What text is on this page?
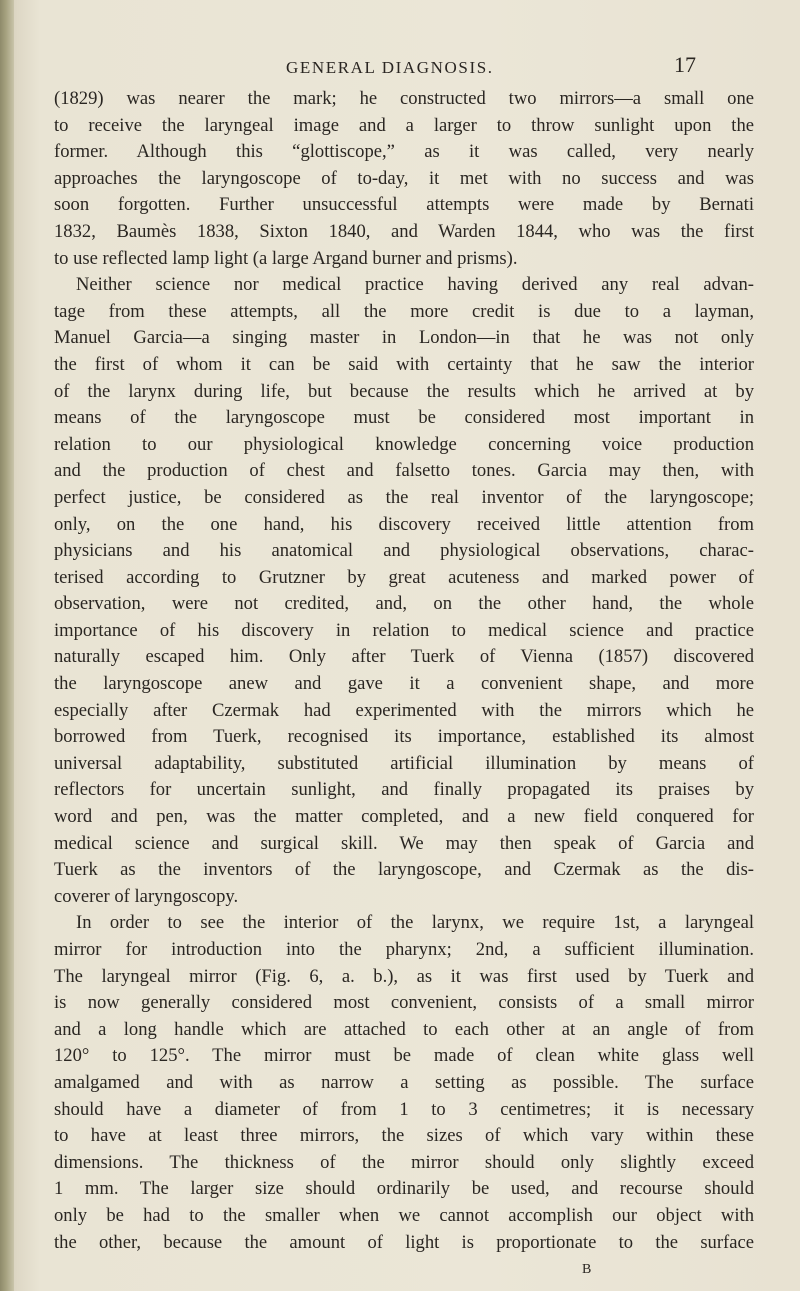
GENERAL DIAGNOSIS.	17
(1829) was nearer the mark; he constructed two mirrors—a small one
to receive the laryngeal image and a larger to throw sunlight upon the
former. Although this “glottiscope,” as it was called, very nearly
approaches the laryngoscope of to-day, it met with no success and was
soon forgotten. Further unsuccessful attempts were made by Bernati
1832, Baumès 1838, Sixton 1840, and Warden 1844, who was the first
to use reflected lamp light (a large Argand burner and prisms).
Neither science nor medical practice having derived any real advan-
tage from these attempts, all the more credit is due to a layman,
Manuel Garcia—a singing master in London—in that he was not only
the first of whom it can be said with certainty that he saw the interior
of the larynx during life, but because the results which he arrived at by
means of the laryngoscope must be considered most important in
relation to our physiological knowledge concerning voice production
and the production of chest and falsetto tones. Garcia may then, with
perfect justice, be considered as the real inventor of the laryngoscope;
only, on the one hand, his discovery received little attention from
physicians and his anatomical and physiological observations, charac-
terised according to Grutzner by great acuteness and marked power of
observation, were not credited, and, on the other hand, the whole
importance of his discovery in relation to medical science and practice
naturally escaped him. Only after Tuerk of Vienna (1857) discovered
the laryngoscope anew and gave it a convenient shape, and more
especially after Czermak had experimented with the mirrors which he
borrowed from Tuerk, recognised its importance, established its almost
universal adaptability, substituted artificial illumination by means of
reflectors for uncertain sunlight, and finally propagated its praises by
word and pen, was the matter completed, and a new field conquered for
medical science and surgical skill. We may then speak of Garcia and
Tuerk as the inventors of the laryngoscope, and Czermak as the dis-
coverer of laryngoscopy.
In order to see the interior of the larynx, we require 1st, a laryngeal
mirror for introduction into the pharynx; 2nd, a sufficient illumination.
The laryngeal mirror (Fig. 6, a. b.), as it was first used by Tuerk and
is now generally considered most convenient, consists of a small mirror
and a long handle which are attached to each other at an angle of from
120° to 125°. The mirror must be made of clean white glass well
amalgamed and with as narrow a setting as possible. The surface
should have a diameter of from 1 to 3 centimetres; it is necessary
to have at least three mirrors, the sizes of which vary within these
dimensions. The thickness of the mirror should only slightly exceed
1 mm. The larger size should ordinarily be used, and recourse should
only be had to the smaller when we cannot accomplish our object with
the other, because the amount of light is proportionate to the surface
B
